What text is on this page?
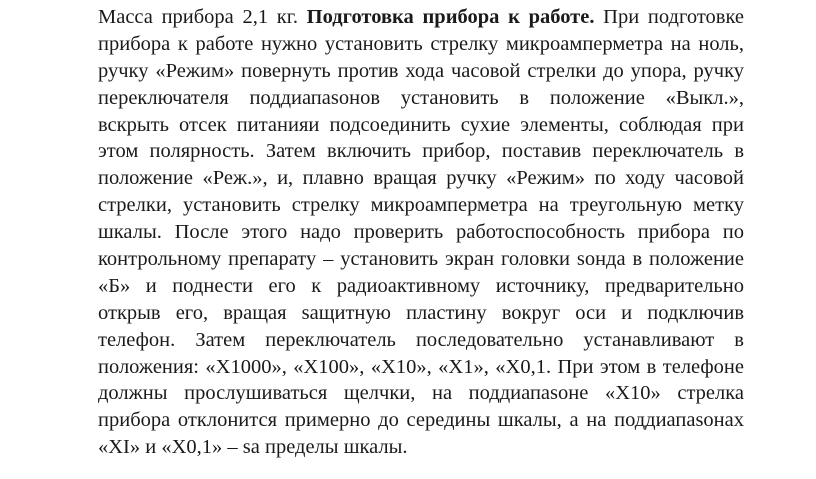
Масса прибора 2,1 кг. Подготовка прибора к работе. При подготовке
прибора к работе нужно установить стрелку микроамперметра на ноль,
ручку «Режим» повернуть против хода часовой стрелки до упора, ручку
переключателя поддиапаsонов установить в положение «Выкл.»,
вскрыть отсек питанияи подсоединить сухие элементы, соблюдая при
этом полярность. Затем включить прибор, поставив переключатель в
положение «Реж.», и, плавно вращая ручку «Режим» по ходу часовой
стрелки, установить стрелку микроамперметра на треугольную метку
шкалы. После этого надо проверить работоспособность прибора по
контрольному препарату – установить экран головки sонда в положение
«Б» и поднести его к радиоактивному источнику, предварительно
открыв его, вращая sащитную пластину вокруг оси и подключив
телефон. Затем переключатель последовательно устанавливают в
положения: «Х1000», «Х100», «Х10», «Х1», «Х0,1. При этом в телефоне
должны прослушиваться щелчки, на поддиапаsоне «Х10» стрелка
прибора отклонится примерно до середины шкалы, а на поддиапаsонах
«ХI» и «Х0,1» – sа пределы шкалы.
